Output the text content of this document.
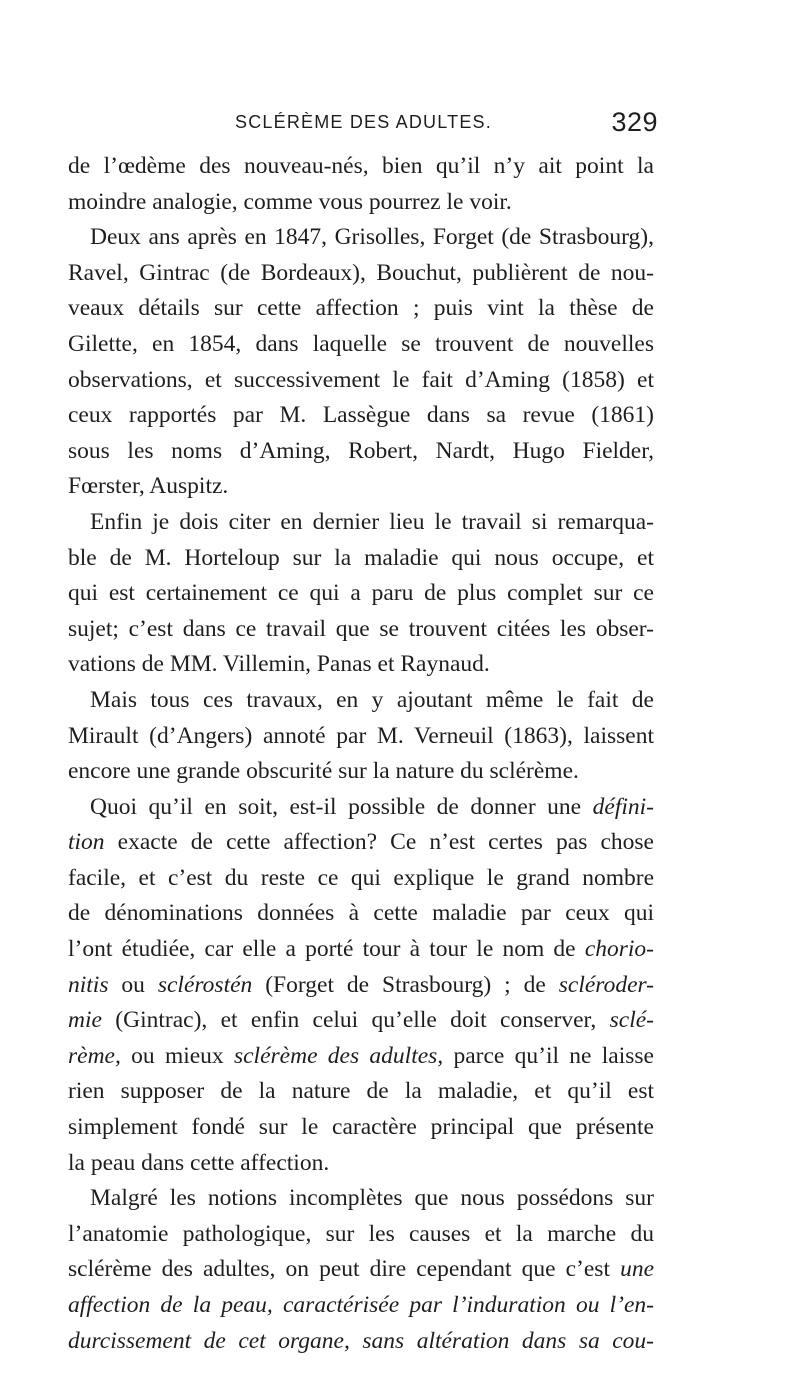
SCLÉRÈME DES ADULTES.	329
de l’œdème des nouveau-nés, bien qu’il n’y ait point la
moindre analogie, comme vous pourrez le voir.
Deux ans après en 1847, Grisolles, Forget (de Strasbourg),
Ravel, Gintrac (de Bordeaux), Bouchut, publièrent de nou-
veaux détails sur cette affection ; puis vint la thèse de
Gilette, en 1854, dans laquelle se trouvent de nouvelles
observations, et successivement le fait d’Aming (1858) et
ceux rapportés par M. Lassègue dans sa revue (1861)
sous les noms d’Aming, Robert, Nardt, Hugo Fielder,
Fœrster, Auspitz.
Enfin je dois citer en dernier lieu le travail si remarqua-
ble de M. Horteloup sur la maladie qui nous occupe, et
qui est certainement ce qui a paru de plus complet sur ce
sujet; c’est dans ce travail que se trouvent citées les obser-
vations de MM. Villemin, Panas et Raynaud.
Mais tous ces travaux, en y ajoutant même le fait de
Mirault (d’Angers) annoté par M. Verneuil (1863), laissent
encore une grande obscurité sur la nature du sclérème.
Quoi qu’il en soit, est-il possible de donner une défini-
tion exacte de cette affection? Ce n’est certes pas chose
facile, et c’est du reste ce qui explique le grand nombre
de dénominations données à cette maladie par ceux qui
l’ont étudiée, car elle a porté tour à tour le nom de chorio-
nitis ou sclérostén (Forget de Strasbourg) ; de scléroder-
mie (Gintrac), et enfin celui qu’elle doit conserver, sclé-
rème, ou mieux sclérème des adultes, parce qu’il ne laisse
rien supposer de la nature de la maladie, et qu’il est
simplement fondé sur le caractère principal que présente
la peau dans cette affection.
Malgré les notions incomplètes que nous possédons sur
l’anatomie pathologique, sur les causes et la marche du
sclérème des adultes, on peut dire cependant que c’est une
affection de la peau, caractérisée par l’induration ou l’en-
durcissement de cet organe, sans altération dans sa cou-
